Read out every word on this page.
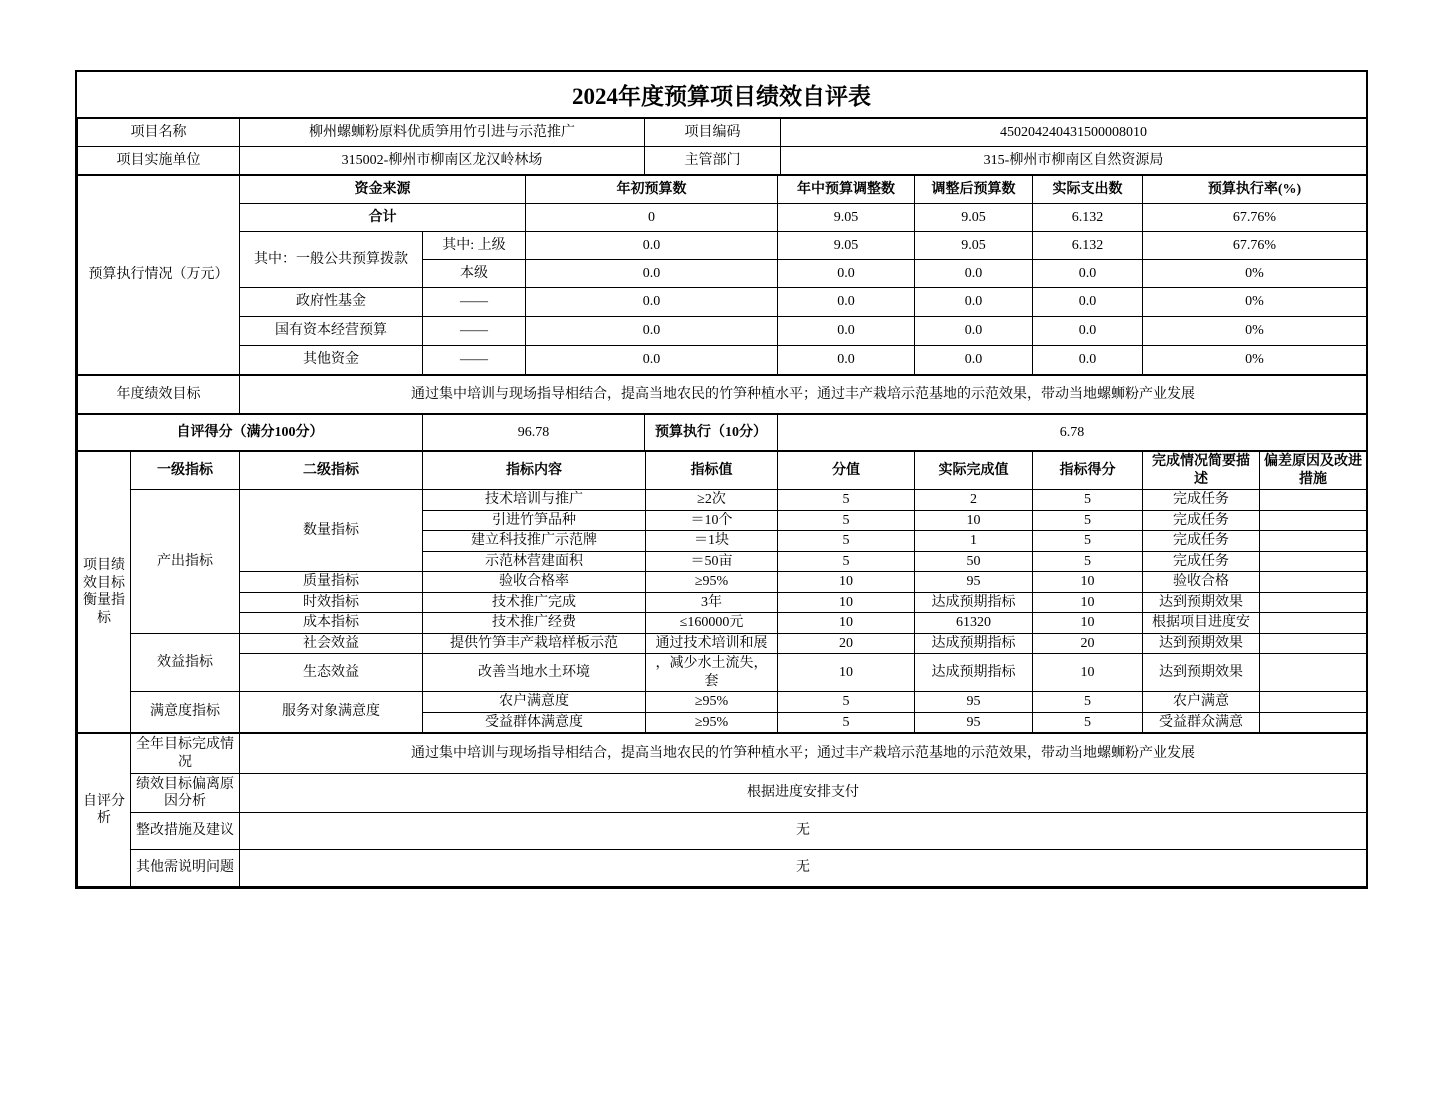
2024年度预算项目绩效自评表
项目名称	柳州螺蛳粉原料优质笋用竹引进与示范推广	项目编码	450204240431500008010
项目实施单位	315002-柳州市柳南区龙汉岭林场	主管部门	315-柳州市柳南区自然资源局
预算执行情况（万元）	资金来源		年初预算数	年中预算调整数	调整后预算数	实际支出数	预算执行率(%)
	合计		0	9.05	9.05	6.132	67.76%
	其中：一般公共预算拨款	其中: 上级	0.0	9.05	9.05	6.132	67.76%
		本级	0.0	0.0	0.0	0.0	0%
	政府性基金	——	0.0	0.0	0.0	0.0	0%
	国有资本经营预算	——	0.0	0.0	0.0	0.0	0%
	其他资金	——	0.0	0.0	0.0	0.0	0%
年度绩效目标	通过集中培训与现场指导相结合，提高当地农民的竹笋种植水平；通过丰产栽培示范基地的示范效果，带动当地螺蛳粉产业发展
自评得分（满分100分）	96.78	预算执行（10分）	6.78
项目绩效目标衡量指标	一级指标	二级指标	指标内容	指标值	分值	实际完成值	指标得分	完成情况简要描述	偏差原因及改进措施
	产出指标	数量指标	技术培训与推广	≥2次	5	2	5	完成任务	
			引进竹笋品种	＝10个	5	10	5	完成任务	
			建立科技推广示范牌	＝1块	5	1	5	完成任务	
			示范林营建面积	＝50亩	5	50	5	完成任务	
		质量指标	验收合格率	≥95%	10	95	10	验收合格	
		时效指标	技术推广完成	3年	10	达成预期指标	10	达到预期效果	
		成本指标	技术推广经费	≤160000元	10	61320	10	根据项目进度安	
	效益指标	社会效益	提供竹笋丰产栽培样板示范	通过技术培训和展	20	达成预期指标	20	达到预期效果	
		生态效益	改善当地水土环境	，减少水土流失，套	10	达成预期指标	10	达到预期效果	
	满意度指标	服务对象满意度	农户满意度	≥95%	5	95	5	农户满意	
			受益群体满意度	≥95%	5	95	5	受益群众满意	
自评分析	全年目标完成情况	通过集中培训与现场指导相结合，提高当地农民的竹笋种植水平；通过丰产栽培示范基地的示范效果，带动当地螺蛳粉产业发展
	绩效目标偏离原因分析	根据进度安排支付
	整改措施及建议	无
	其他需说明问题	无
